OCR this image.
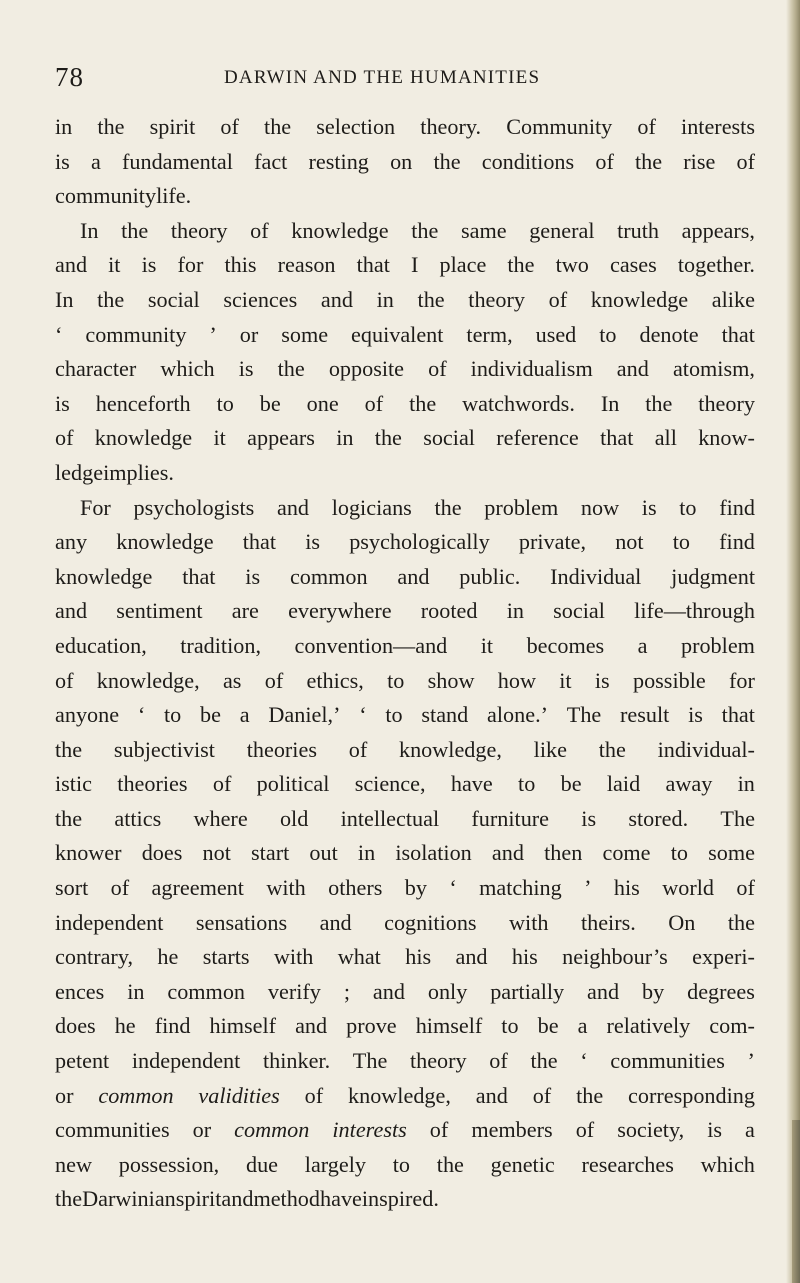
78	DARWIN AND THE HUMANITIES
in the spirit of the selection theory. Community of interests
is a fundamental fact resting on the conditions of the rise of
community life.
In the theory of knowledge the same general truth appears,
and it is for this reason that I place the two cases together.
In the social sciences and in the theory of knowledge alike
‘ community ’ or some equivalent term, used to denote that
character which is the opposite of individualism and atomism,
is henceforth to be one of the watchwords. In the theory
of knowledge it appears in the social reference that all know-
ledge implies.
For psychologists and logicians the problem now is to find
any knowledge that is psychologically private, not to find
knowledge that is common and public. Individual judgment
and sentiment are everywhere rooted in social life—through
education, tradition, convention—and it becomes a problem
of knowledge, as of ethics, to show how it is possible for
anyone ‘ to be a Daniel,’ ‘ to stand alone.’ The result is that
the subjectivist theories of knowledge, like the individual-
istic theories of political science, have to be laid away in
the attics where old intellectual furniture is stored. The
knower does not start out in isolation and then come to some
sort of agreement with others by ‘ matching ’ his world of
independent sensations and cognitions with theirs. On the
contrary, he starts with what his and his neighbour’s experi-
ences in common verify ; and only partially and by degrees
does he find himself and prove himself to be a relatively com-
petent independent thinker. The theory of the ‘ communities ’
or common validities of knowledge, and of the corresponding
communities or common interests of members of society, is a
new possession, due largely to the genetic researches which
the Darwinian spirit and method have inspired.
